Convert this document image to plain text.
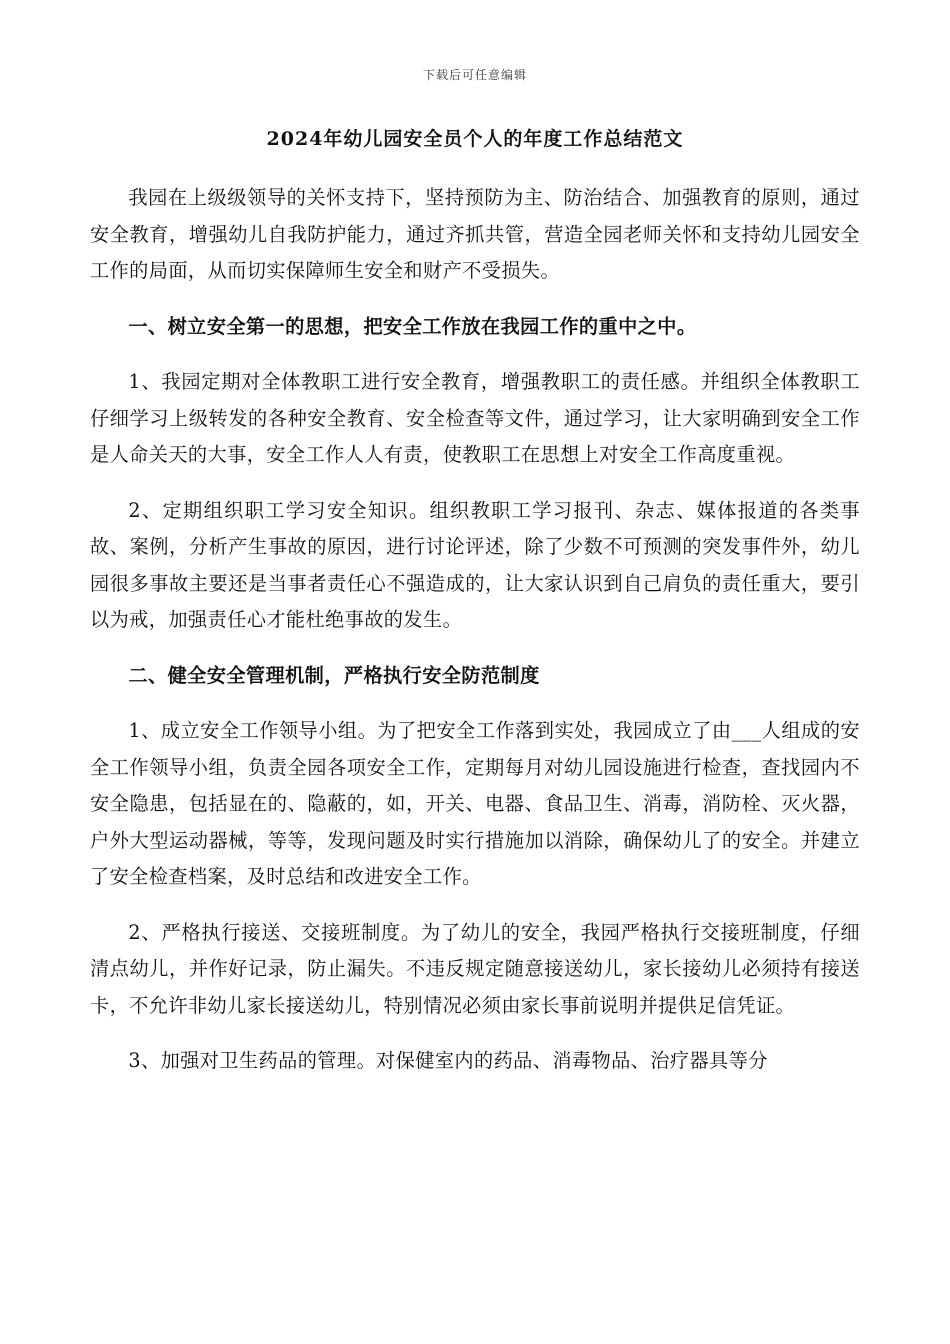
下载后可任意编辑
2024年幼儿园安全员个人的年度工作总结范文

我园在上级级领导的关怀支持下，坚持预防为主、防治结合、加强教育的原则，通过安全教育，增强幼儿自我防护能力，通过齐抓共管，营造全园老师关怀和支持幼儿园安全工作的局面，从而切实保障师生安全和财产不受损失。

一、树立安全第一的思想，把安全工作放在我园工作的重中之中。

1、我园定期对全体教职工进行安全教育，增强教职工的责任感。并组织全体教职工仔细学习上级转发的各种安全教育、安全检查等文件，通过学习，让大家明确到安全工作是人命关天的大事，安全工作人人有责，使教职工在思想上对安全工作高度重视。

2、定期组织职工学习安全知识。组织教职工学习报刊、杂志、媒体报道的各类事故、案例，分析产生事故的原因，进行讨论评述，除了少数不可预测的突发事件外，幼儿园很多事故主要还是当事者责任心不强造成的，让大家认识到自己肩负的责任重大，要引以为戒，加强责任心才能杜绝事故的发生。

二、健全安全管理机制，严格执行安全防范制度

1、成立安全工作领导小组。为了把安全工作落到实处，我园成立了由___人组成的安全工作领导小组，负责全园各项安全工作，定期每月对幼儿园设施进行检查，查找园内不安全隐患，包括显在的、隐蔽的，如，开关、电器、食品卫生、消毒，消防栓、灭火器，户外大型运动器械，等等，发现问题及时实行措施加以消除，确保幼儿了的安全。并建立了安全检查档案，及时总结和改进安全工作。

2、严格执行接送、交接班制度。为了幼儿的安全，我园严格执行交接班制度，仔细清点幼儿，并作好记录，防止漏失。不违反规定随意接送幼儿，家长接幼儿必须持有接送卡，不允许非幼儿家长接送幼儿，特别情况必须由家长事前说明并提供足信凭证。

3、加强对卫生药品的管理。对保健室内的药品、消毒物品、治疗器具等分
